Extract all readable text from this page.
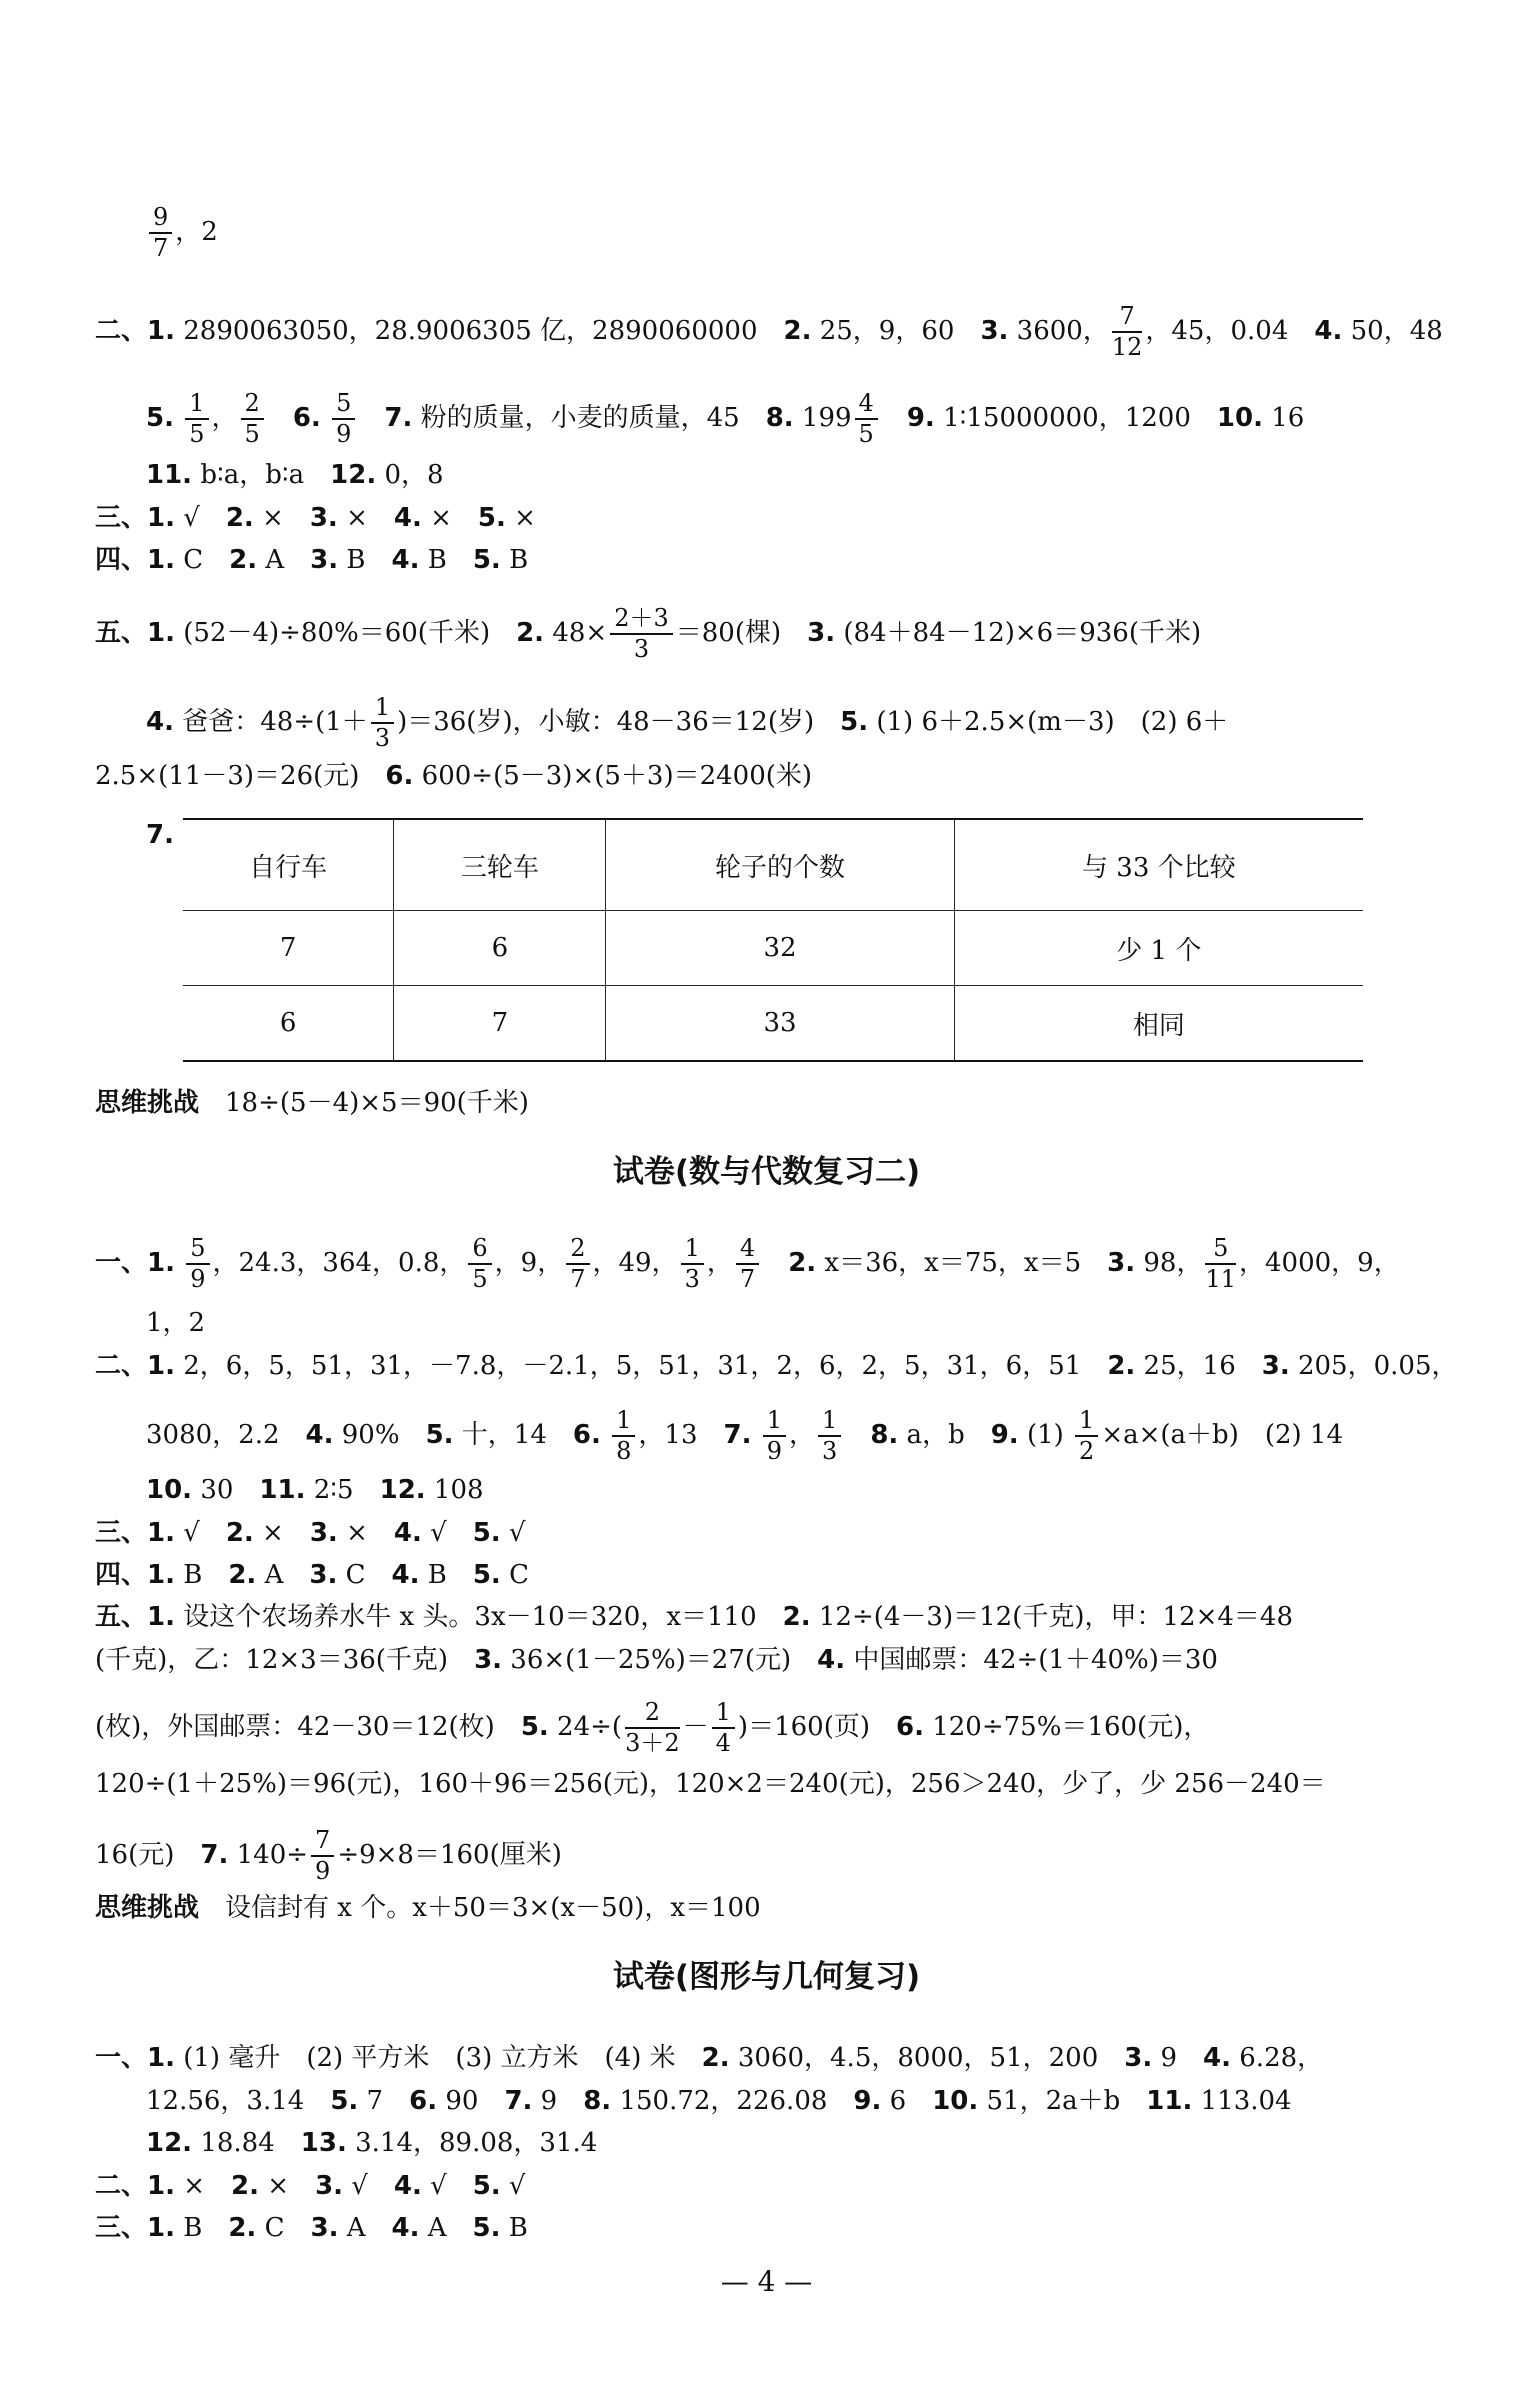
$\frac{9}{7}$ ，2
二、1. 2890063050，28.9006305 亿，2890060000　2. 25，9，60　3. 3600， $\frac{7}{12}$ ，45，0.04　4. 50，48
5. $\frac{1}{5}$ ， $\frac{2}{5}$
　 6. $\frac{5}{9}$
　 7. 粉的质量，小麦的质量，45　8. $199 \frac{4}{5}$
　 9. 1∶15000000，1200　10. 16
11. b∶a，b∶a　12. 0，8
三、1. √　2. ×　3. ×　4. ×　5. ×
四、1. C　2. A　3. B　4. B　5. B
五、1. (52－4)÷80%＝60(千米)　2. $48\times \frac{2+3}{3} =80$(棵)　3. (84＋84－12)×6＝936(千米)
4. 爸爸：$48\div(1+ \frac{1}{3} )=36$(岁)，小敏：48－36＝12(岁)　5. (1) 6＋2.5×(m－3)　(2) 6＋
2.5×(11－3)＝26(元)　6. 600÷(5－3)×(5＋3)＝2400(米)
7.
自行车	三轮车	轮子的个数	与 33 个比较
7	6	32	少 1 个
6	7	33	相同
思维挑战　18÷(5－4)×5＝90(千米)
试卷(数与代数复习二)
一、1. $\frac{5}{9}$ ，24.3，364，0.8， $\frac{6}{5}$ ，9， $\frac{2}{7}$ ，49， $\frac{1}{3}$ ， $\frac{4}{7}$
　 2. x＝36，x＝75，x＝5　3. 98， $\frac{5}{11}$ ，4000，9，
1，2
二、1. 2，6，5，51，31，－7.8，－2.1，5，51，31，2，6，2，5，31，6，51　2. 25，16　3. 205，0.05，
3080，2.2　4. 90%　5. 十，14　6. $\frac{1}{8}$ ，13　7. $\frac{1}{9}$ ， $\frac{1}{3}$
　 8. a，b　9. $(1) \frac{1}{2} \times a\times(a+b)$　(2) 14
10. 30　11. 2∶5　12. 108
三、1. √　2. ×　3. ×　4. √　5. √
四、1. B　2. A　3. C　4. B　5. C
五、1. 设这个农场养水牛 x 头。3x－10＝320，x＝110　2. 12÷(4－3)＝12(千克)，甲：12×4＝48
(千克)，乙：12×3＝36(千克)　3. 36×(1－25%)＝27(元)　4. 中国邮票：42÷(1＋40%)＝30
(枚)，外国邮票：42－30＝12(枚)　5. $24\div( \frac{2}{3+2} - \frac{1}{4} )=160$(页)　6. 120÷75%＝160(元)，
120÷(1＋25%)＝96(元)，160＋96＝256(元)，120×2＝240(元)，256＞240，少了，少 256－240＝
16(元)　7. $140\div \frac{7}{9} \div 9\times 8=160$(厘米)
思维挑战　设信封有 x 个。x＋50＝3×(x－50)，x＝100
试卷(图形与几何复习)
一、1. (1) 毫升　(2) 平方米　(3) 立方米　(4) 米　2. 3060，4.5，8000，51，200　3. 9　4. 6.28，
12.56，3.14　5. 7　6. 90　7. 9　8. 150.72，226.08　9. 6　10. 51，2a＋b　11. 113.04
12. 18.84　13. 3.14，89.08，31.4
二、1. ×　2. ×　3. √　4. √　5. √
三、1. B　2. C　3. A　4. A　5. B
— 4 —
